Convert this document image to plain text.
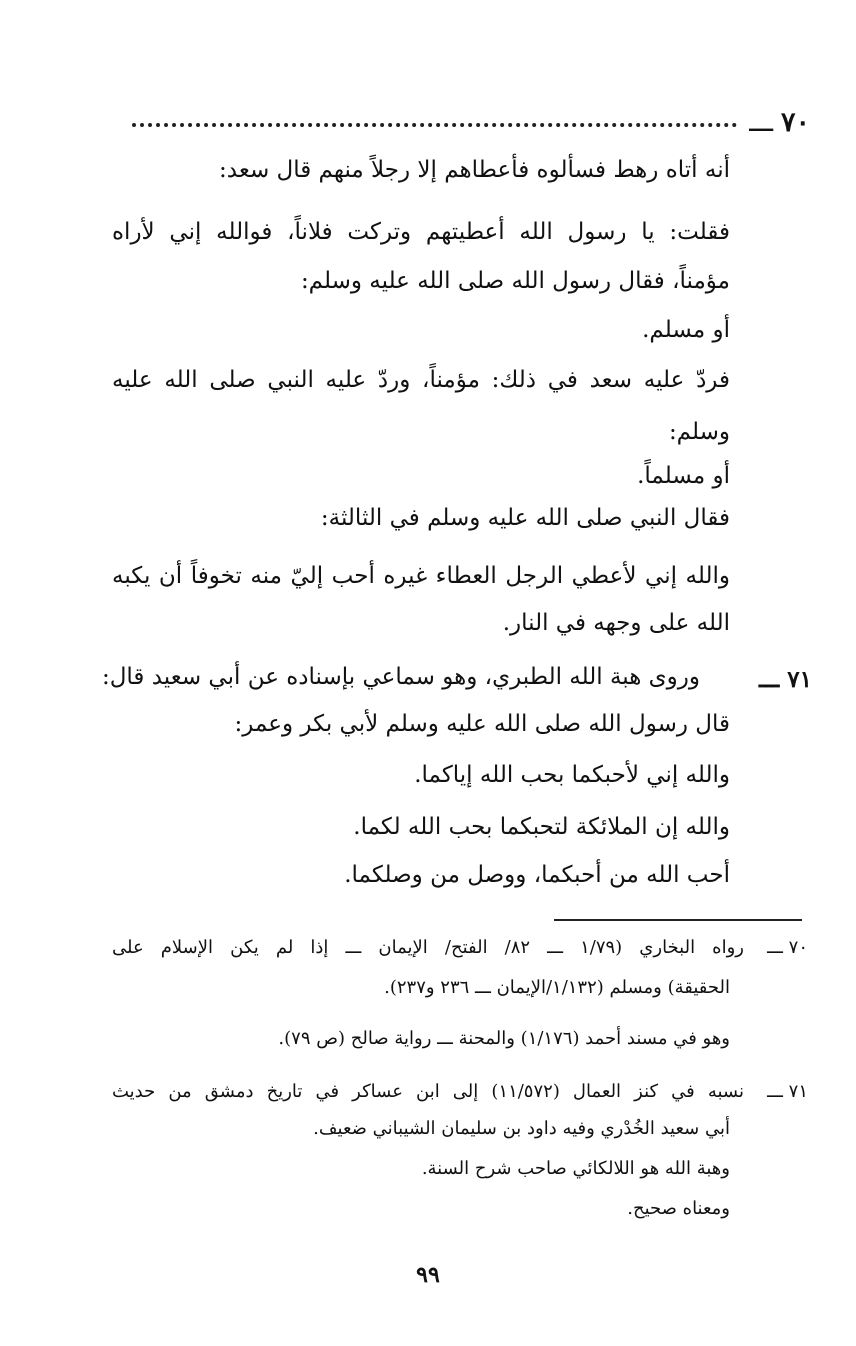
٧٠
ـــ
أنه أتاه رهط فسألوه فأعطاهم إلا رجلاً منهم قال سعد:
فقلت: يا رسول الله أعطيتهم وتركت فلاناً، فوالله إني لأراه
مؤمناً، فقال رسول الله صلى الله عليه وسلم:
أو مسلم.
فردّ عليه سعد في ذلك: مؤمناً، وردّ عليه النبي صلى الله عليه
وسلم:
أو مسلماً.
فقال النبي صلى الله عليه وسلم في الثالثة:
والله إني لأعطي الرجل العطاء غيره أحب إليّ منه تخوفاً أن يكبه
الله على وجهه في النار.
٧١ ـــ
وروى هبة الله الطبري، وهو سماعي بإسناده عن أبي سعيد قال:
قال رسول الله صلى الله عليه وسلم لأبي بكر وعمر:
والله إني لأحبكما بحب الله إياكما.
والله إن الملائكة لتحبكما بحب الله لكما.
أحب الله من أحبكما، ووصل من وصلكما.
٧٠ ـــ
رواه البخاري (١/٧٩ ـــ ٨٢/ الفتح/ الإيمان ـــ إذا لم يكن الإسلام على
الحقيقة) ومسلم (١/١٣٢/الإيمان ـــ ٢٣٦ و٢٣٧).
وهو في مسند أحمد (١/١٧٦) والمحنة ـــ رواية صالح (ص ٧٩).
٧١ ـــ
نسبه في كنز العمال (١١/٥٧٢) إلى ابن عساكر في تاريخ دمشق من حديث
أبي سعيد الخُدْري وفيه داود بن سليمان الشيباني ضعيف.
وهبة الله هو اللالكائي صاحب شرح السنة.
ومعناه صحيح.
٩٩
